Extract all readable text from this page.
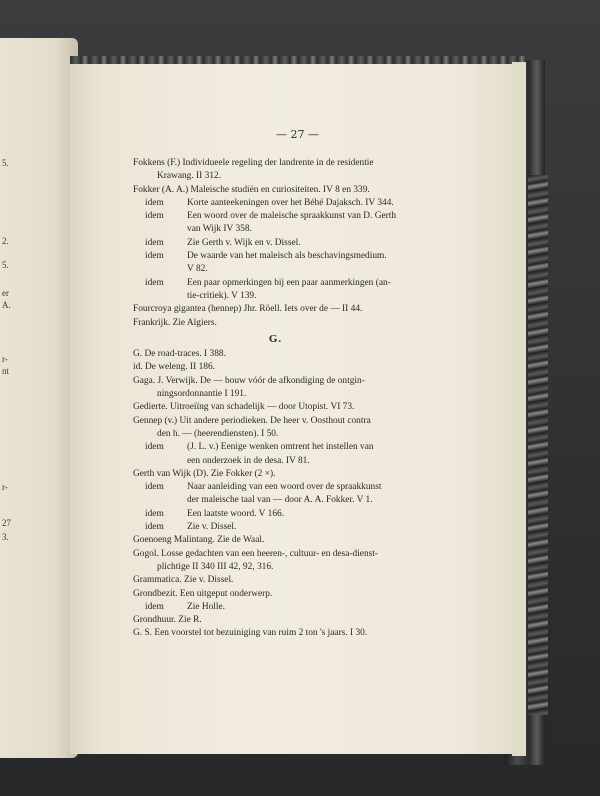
5.
2.
5.
er
A.
r-
nt
r-
27
3.
— 27 —
Fokkens (F.) Individueele regeling der landrente in de residentie
Krawang. II 312.
Fokker (A. A.) Maleische studiën en curiositeiten. IV 8 en 339.
idem Korte aanteekeningen over het Béhé Dajaksch. IV 344.
idem Een woord over de maleische spraakkunst van D. Gerth
van Wijk IV 358.
idem Zie Gerth v. Wijk en v. Dissel.
idem De waarde van het maleisch als beschavingsmedium.
V 82.
idem Een paar opmerkingen bij een paar aanmerkingen (an-
tie-critiek). V 139.
Fourcroya gigantea (hennep) Jhr. Röell. Iets over de — II 44.
Frankrijk. Zie Algiers.
G.
G. De road-traces. I 388.
id. De weleng. II 186.
Gaga. J. Verwijk. De — bouw vóór de afkondiging de ontgin-
ningsordonnantie I 191.
Gedierte. Uitroeiïng van schadelijk — door Utopist. VI 73.
Gennep (v.) Uit andere periodieken. De heer v. Oosthout contra
den h. — (heerendiensten). I 50.
idem (J. L. v.) Eenige wenken omtrent het instellen van
een onderzoek in de desa. IV 81.
Gerth van Wijk (D). Zie Fokker (2 ×).
idem Naar aanleiding van een woord over de spraakkunst
der maleische taal van — door A. A. Fokker. V 1.
idem Een laatste woord. V 166.
idem Zie v. Dissel.
Goenoeng Malintang. Zie de Waal.
Gogol. Losse gedachten van een heeren-, cultuur- en desa-dienst-
plichtige II 340 III 42, 92, 316.
Grammatica. Zie v. Dissel.
Grondbezit. Een uitgeput onderwerp.
idem Zie Holle.
Grondhuur. Zie R.
G. S. Een voorstel tot bezuiniging van ruim 2 ton 's jaars. I 30.
